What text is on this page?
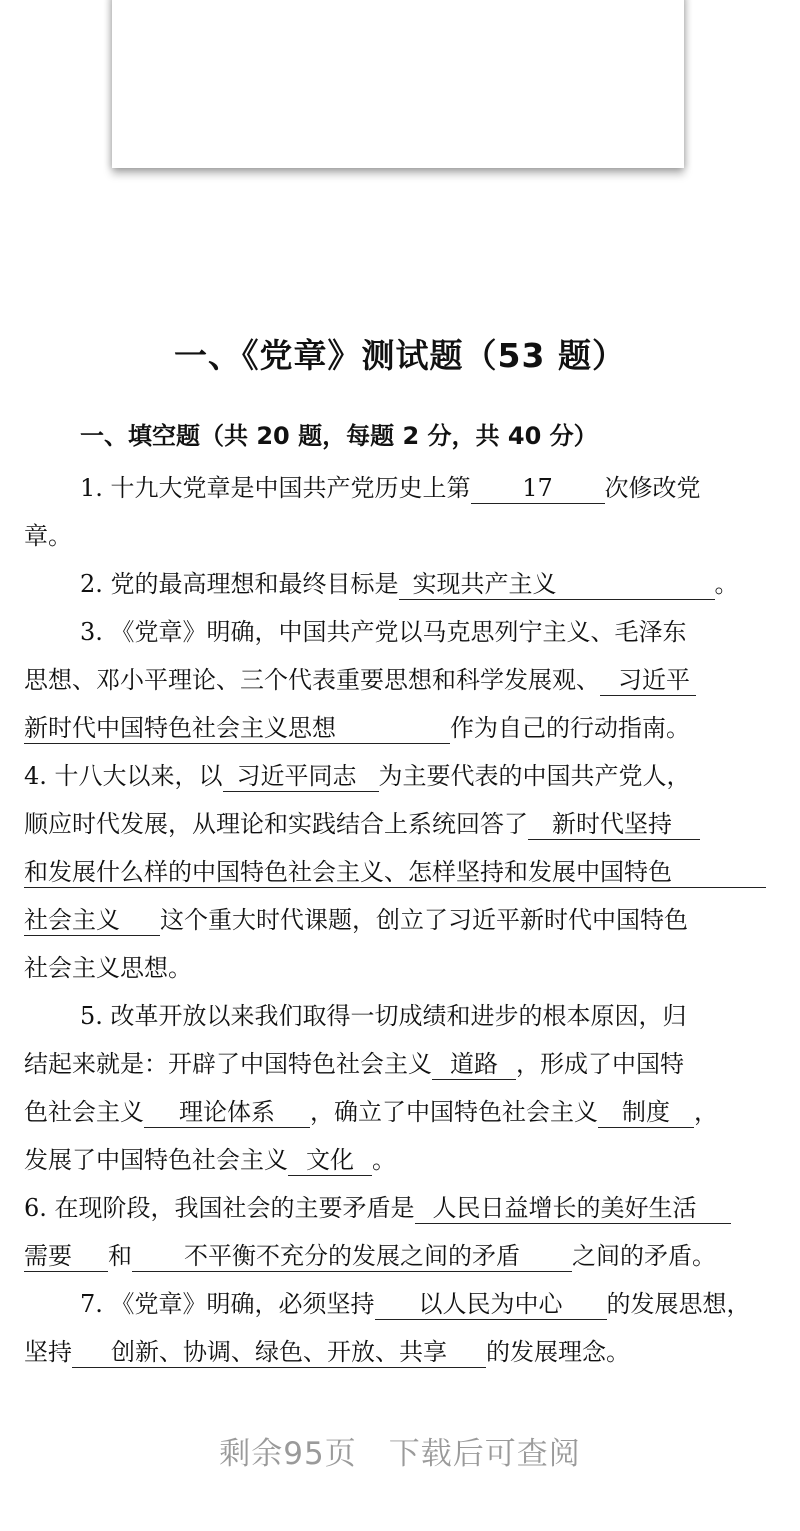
一、《党章》测试题（53 题）
一、填空题（共 20 题，每题 2 分，共 40 分）
1. 十九大党章是中国共产党历史上第 17 次修改党
章。
2. 党的最高理想和最终目标是 实现共产主义	。
3. 《党章》明确，中国共产党以马克思列宁主义、毛泽东
思想、邓小平理论、三个代表重要思想和科学发展观、 习近平
新时代中国特色社会主义思想	作为自己的行动指南。
4. 十八大以来，以 习近平同志 为主要代表的中国共产党人，
顺应时代发展，从理论和实践结合上系统回答了 新时代坚持
和发展什么样的中国特色社会主义、怎样坚持和发展中国特色
社会主义 这个重大时代课题，创立了习近平新时代中国特色
社会主义思想。
5. 改革开放以来我们取得一切成绩和进步的根本原因，归
结起来就是：开辟了中国特色社会主义 道路 ，形成了中国特
色社会主义 理论体系 ，确立了中国特色社会主义 制度 ，
发展了中国特色社会主义 文化 。
6. 在现阶段，我国社会的主要矛盾是 人民日益增长的美好生活
需要 和 不平衡不充分的发展之间的矛盾 之间的矛盾。
7. 《党章》明确，必须坚持 以人民为中心 的发展思想，
坚持 创新、协调、绿色、开放、共享 的发展理念。
剩余95页　下载后可查阅
